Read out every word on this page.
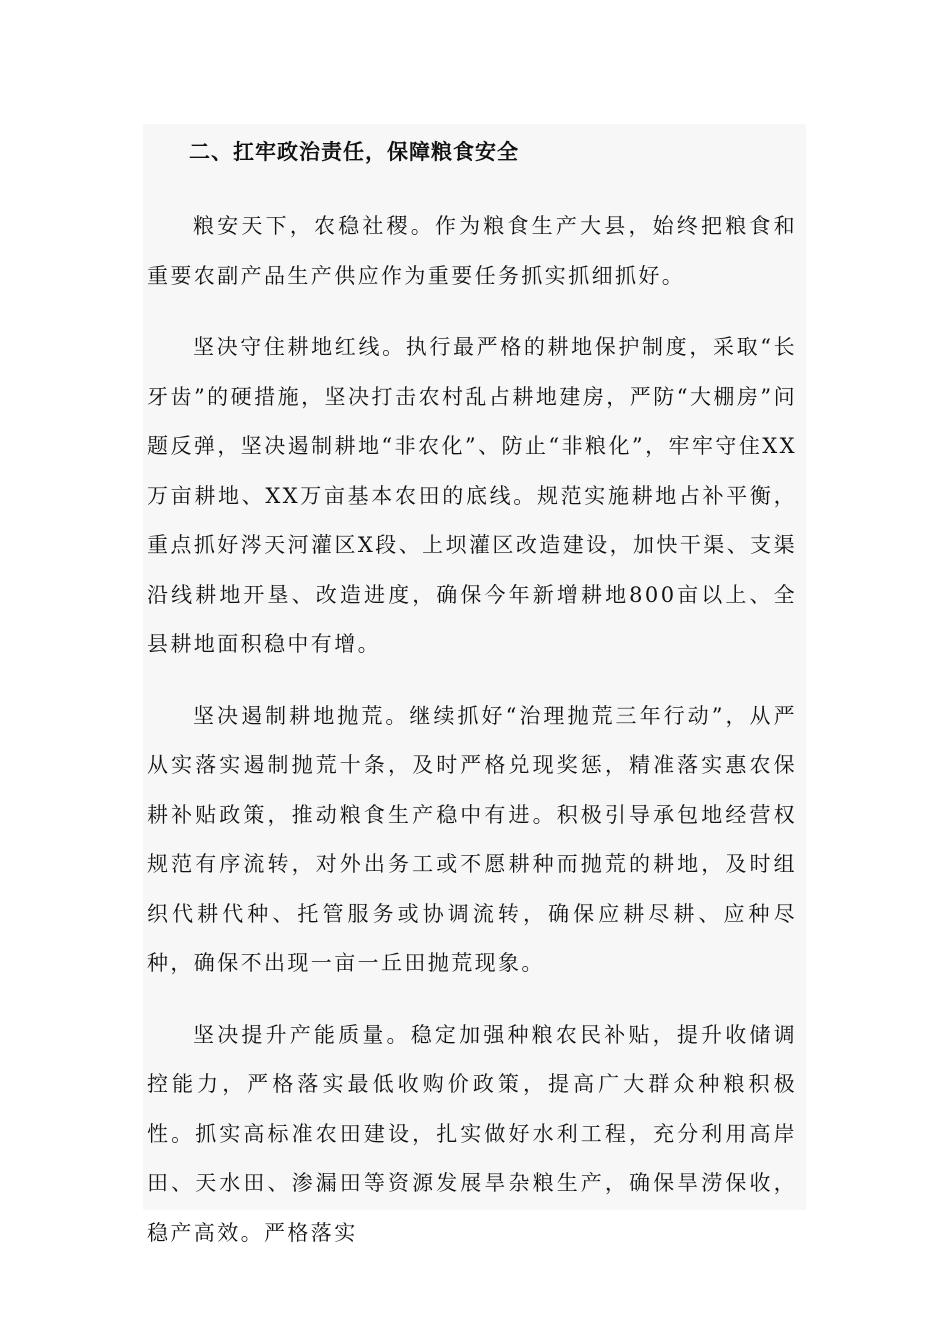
二、扛牢政治责任，保障粮食安全

粮安天下，农稳社稷。作为粮食生产大县，始终把粮食和重要农副产品生产供应作为重要任务抓实抓细抓好。

坚决守住耕地红线。执行最严格的耕地保护制度，采取“长牙齿”的硬措施，坚决打击农村乱占耕地建房，严防“大棚房”问题反弹，坚决遏制耕地“非农化”、防止“非粮化”，牢牢守住XX万亩耕地、XX万亩基本农田的底线。规范实施耕地占补平衡，重点抓好涔天河灌区X段、上坝灌区改造建设，加快干渠、支渠沿线耕地开垦、改造进度，确保今年新增耕地800亩以上、全县耕地面积稳中有增。

坚决遏制耕地抛荒。继续抓好“治理抛荒三年行动”，从严从实落实遏制抛荒十条，及时严格兑现奖惩，精准落实惠农保耕补贴政策，推动粮食生产稳中有进。积极引导承包地经营权规范有序流转，对外出务工或不愿耕种而抛荒的耕地，及时组织代耕代种、托管服务或协调流转，确保应耕尽耕、应种尽种，确保不出现一亩一丘田抛荒现象。

坚决提升产能质量。稳定加强种粮农民补贴，提升收储调控能力，严格落实最低收购价政策，提高广大群众种粮积极性。抓实高标准农田建设，扎实做好水利工程，充分利用高岸田、天水田、渗漏田等资源发展旱杂粮生产，确保旱涝保收，稳产高效。严格落实
